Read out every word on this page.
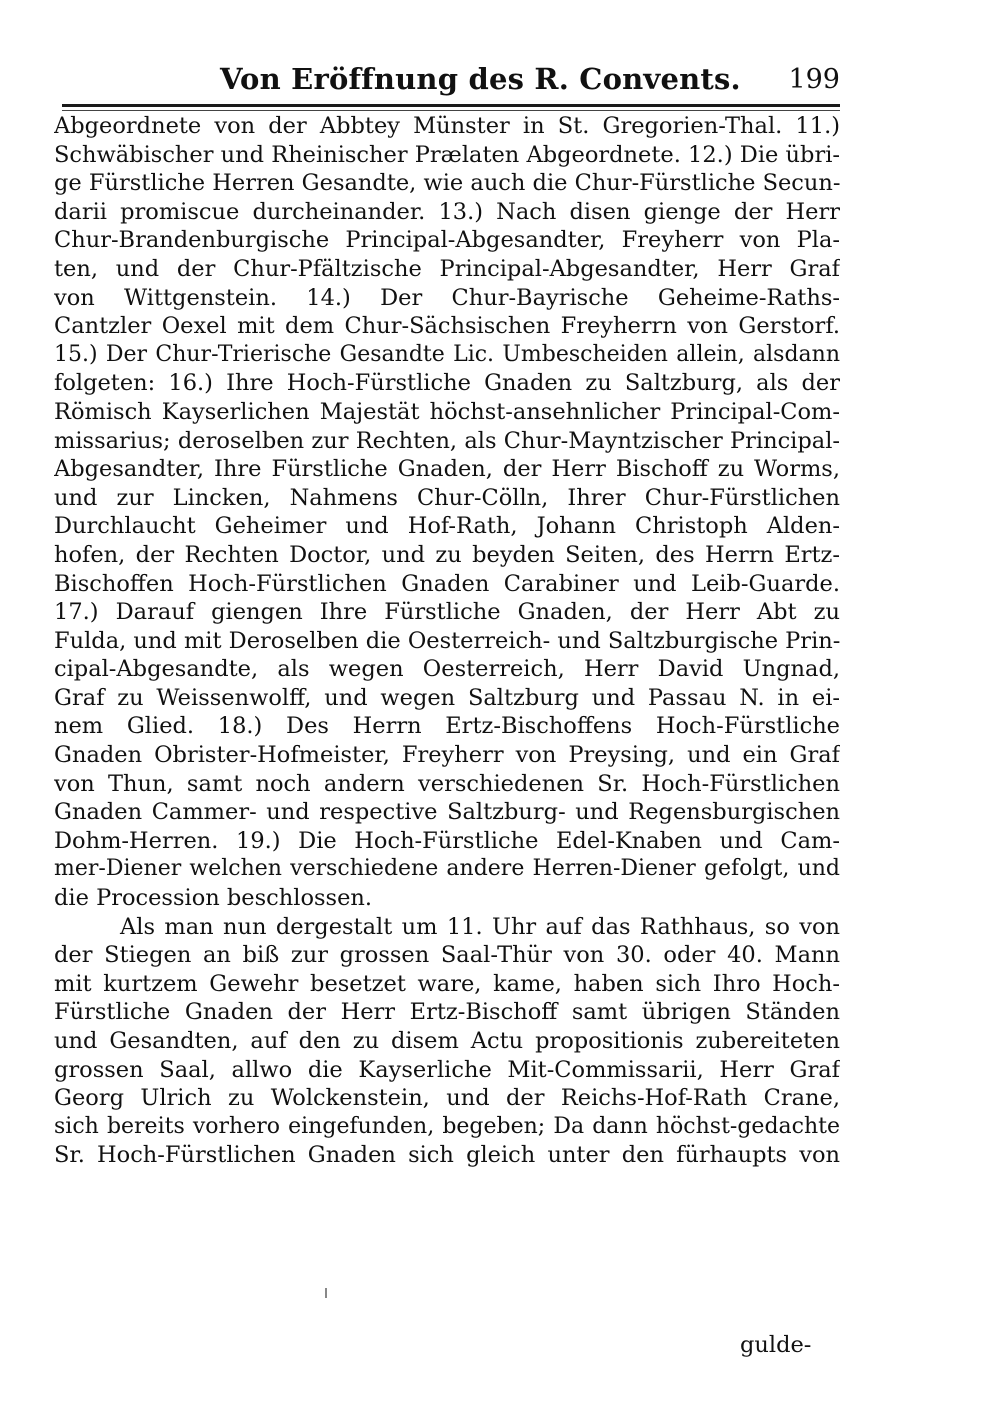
Von Eröffnung des R. Convents. 199
Abgeordnete von der Abbtey Münster in St. Gregorien-Thal. 11.)
Schwäbischer und Rheinischer Prælaten Abgeordnete. 12.) Die übri-
ge Fürstliche Herren Gesandte, wie auch die Chur-Fürstliche Secun-
darii promiscue durcheinander. 13.) Nach disen gienge der Herr
Chur-Brandenburgische Principal-Abgesandter, Freyherr von Pla-
ten, und der Chur-Pfältzische Principal-Abgesandter, Herr Graf
von Wittgenstein. 14.) Der Chur-Bayrische Geheime-Raths-
Cantzler Oexel mit dem Chur-Sächsischen Freyherrn von Gerstorf.
15.) Der Chur-Trierische Gesandte Lic. Umbescheiden allein, alsdann
folgeten: 16.) Ihre Hoch-Fürstliche Gnaden zu Saltzburg, als der
Römisch Kayserlichen Majestät höchst-ansehnlicher Principal-Com-
missarius; deroselben zur Rechten, als Chur-Mayntzischer Principal-
Abgesandter, Ihre Fürstliche Gnaden, der Herr Bischoff zu Worms,
und zur Lincken, Nahmens Chur-Cölln, Ihrer Chur-Fürstlichen
Durchlaucht Geheimer und Hof-Rath, Johann Christoph Alden-
hofen, der Rechten Doctor, und zu beyden Seiten, des Herrn Ertz-
Bischoffen Hoch-Fürstlichen Gnaden Carabiner und Leib-Guarde.
17.) Darauf giengen Ihre Fürstliche Gnaden, der Herr Abt zu
Fulda, und mit Deroselben die Oesterreich- und Saltzburgische Prin-
cipal-Abgesandte, als wegen Oesterreich, Herr David Ungnad,
Graf zu Weissenwolff, und wegen Saltzburg und Passau N. in ei-
nem Glied. 18.) Des Herrn Ertz-Bischoffens Hoch-Fürstliche
Gnaden Obrister-Hofmeister, Freyherr von Preysing, und ein Graf
von Thun, samt noch andern verschiedenen Sr. Hoch-Fürstlichen
Gnaden Cammer- und respective Saltzburg- und Regensburgischen
Dohm-Herren. 19.) Die Hoch-Fürstliche Edel-Knaben und Cam-
mer-Diener welchen verschiedene andere Herren-Diener gefolgt, und
die Procession beschlossen.
Als man nun dergestalt um 11. Uhr auf das Rathhaus, so von
der Stiegen an biß zur grossen Saal-Thür von 30. oder 40. Mann
mit kurtzem Gewehr besetzet ware, kame, haben sich Ihro Hoch-
Fürstliche Gnaden der Herr Ertz-Bischoff samt übrigen Ständen
und Gesandten, auf den zu disem Actu propositionis zubereiteten
grossen Saal, allwo die Kayserliche Mit-Commissarii, Herr Graf
Georg Ulrich zu Wolckenstein, und der Reichs-Hof-Rath Crane,
sich bereits vorhero eingefunden, begeben; Da dann höchst-gedachte
Sr. Hoch-Fürstlichen Gnaden sich gleich unter den fürhaupts von
gulde-
